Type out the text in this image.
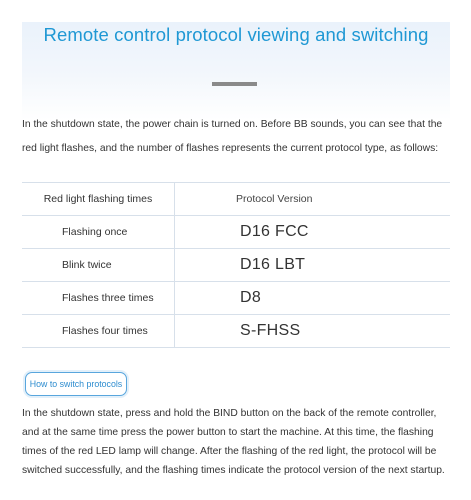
Remote control protocol viewing and switching

In the shutdown state, the power chain is turned on. Before BB sounds, you can see that the red light flashes, and the number of flashes represents the current protocol type, as follows:

Red light flashing times	Protocol Version
Flashing once	D16 FCC
Blink twice	D16 LBT
Flashes three times	D8
Flashes four times	S-FHSS
How to switch protocols

In the shutdown state, press and hold the BIND button on the back of the remote controller, and at the same time press the power button to start the machine. At this time, the flashing times of the red LED lamp will change. After the flashing of the red light, the protocol will be switched successfully, and the flashing times indicate the protocol version of the next startup.
